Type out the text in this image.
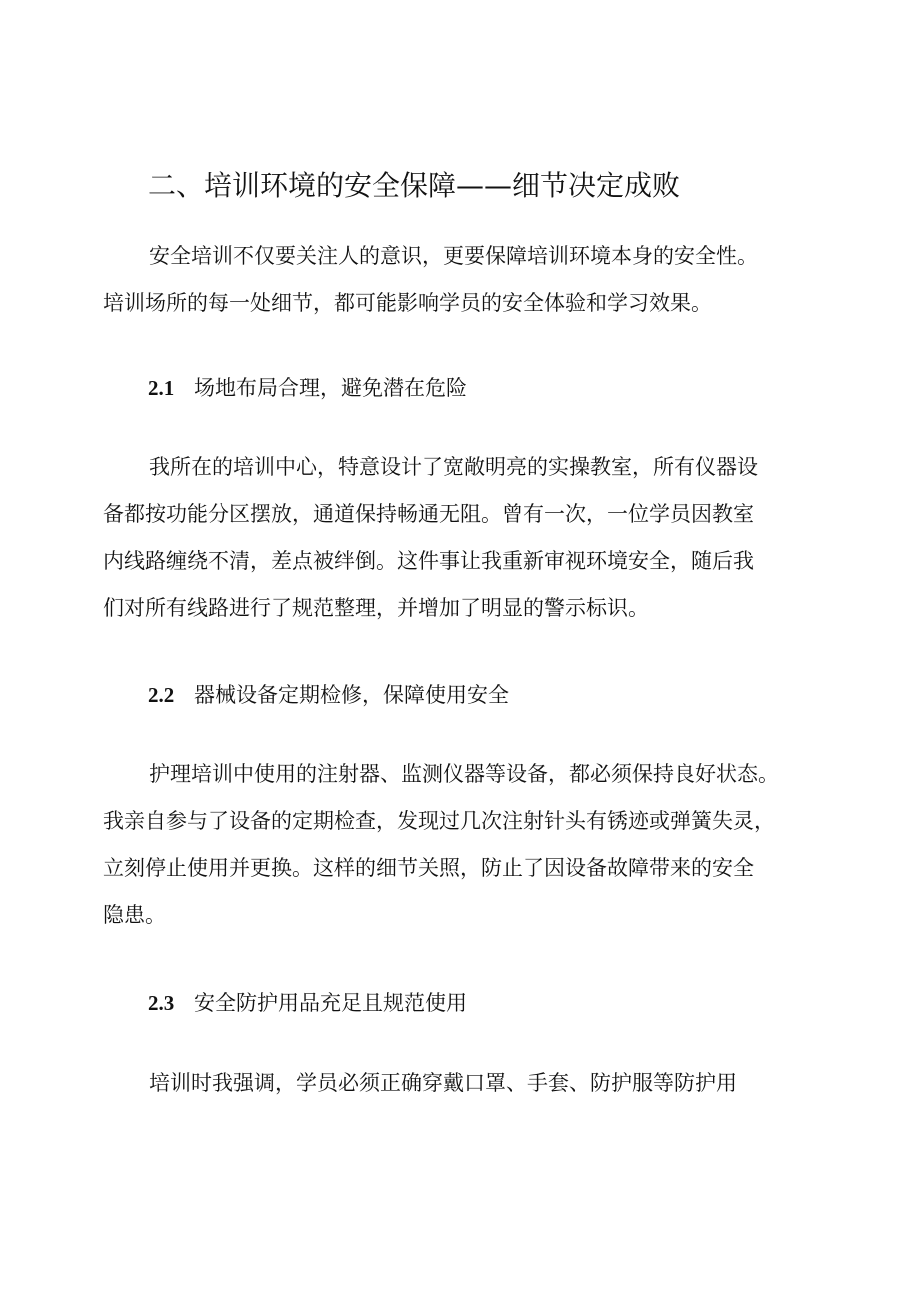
二、培训环境的安全保障——细节决定成败

安全培训不仅要关注人的意识，更要保障培训环境本身的安全性。
培训场所的每一处细节，都可能影响学员的安全体验和学习效果。

2.1 场地布局合理，避免潜在危险

我所在的培训中心，特意设计了宽敞明亮的实操教室，所有仪器设
备都按功能分区摆放，通道保持畅通无阻。曾有一次，一位学员因教室
内线路缠绕不清，差点被绊倒。这件事让我重新审视环境安全，随后我
们对所有线路进行了规范整理，并增加了明显的警示标识。

2.2 器械设备定期检修，保障使用安全

护理培训中使用的注射器、监测仪器等设备，都必须保持良好状态。
我亲自参与了设备的定期检查，发现过几次注射针头有锈迹或弹簧失灵，
立刻停止使用并更换。这样的细节关照，防止了因设备故障带来的安全
隐患。

2.3 安全防护用品充足且规范使用

培训时我强调，学员必须正确穿戴口罩、手套、防护服等防护用
